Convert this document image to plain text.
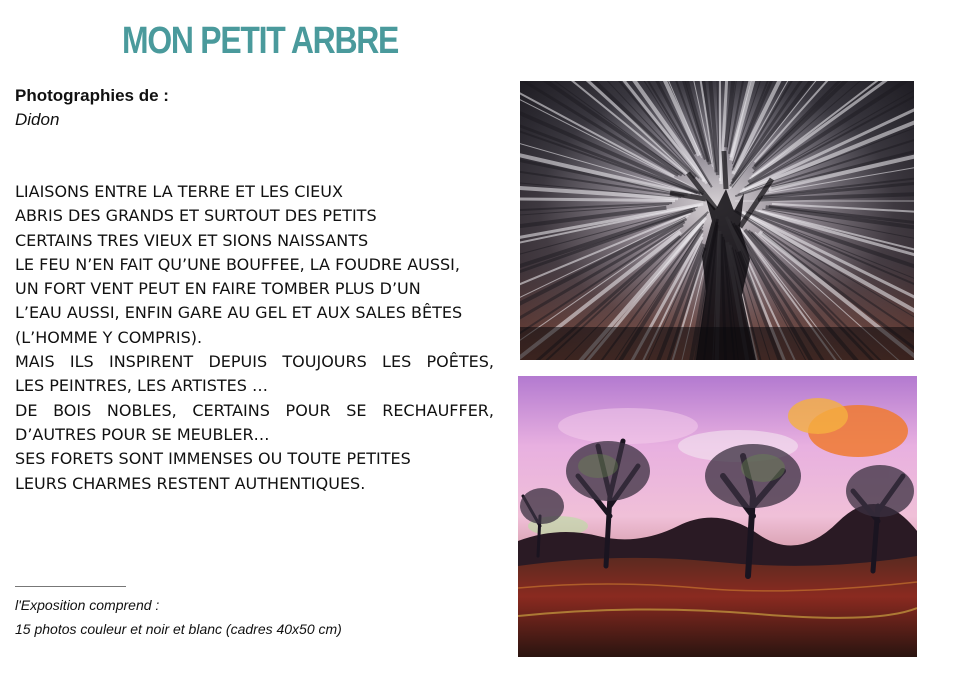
MON PETIT ARBRE
Photographies de :
Didon
LIAISONS ENTRE LA TERRE ET LES CIEUX
ABRIS DES GRANDS ET SURTOUT DES PETITS
CERTAINS TRES VIEUX ET SIONS NAISSANTS
LE FEU N’EN FAIT QU’UNE BOUFFEE, LA FOUDRE AUSSI,
UN FORT VENT PEUT EN FAIRE TOMBER PLUS D’UN
L’EAU AUSSI, ENFIN GARE AU GEL ET AUX SALES BÊTES
(L’HOMME Y COMPRIS).
MAIS ILS INSPIRENT DEPUIS TOUJOURS LES POÊTES,
LES PEINTRES, LES ARTISTES …
DE BOIS NOBLES, CERTAINS POUR SE RECHAUFFER,
D’AUTRES POUR SE MEUBLER…
SES FORETS SONT IMMENSES OU TOUTE PETITES
LEURS CHARMES RESTENT AUTHENTIQUES.
l'Exposition comprend :
15 photos couleur et noir et blanc (cadres 40x50 cm)
